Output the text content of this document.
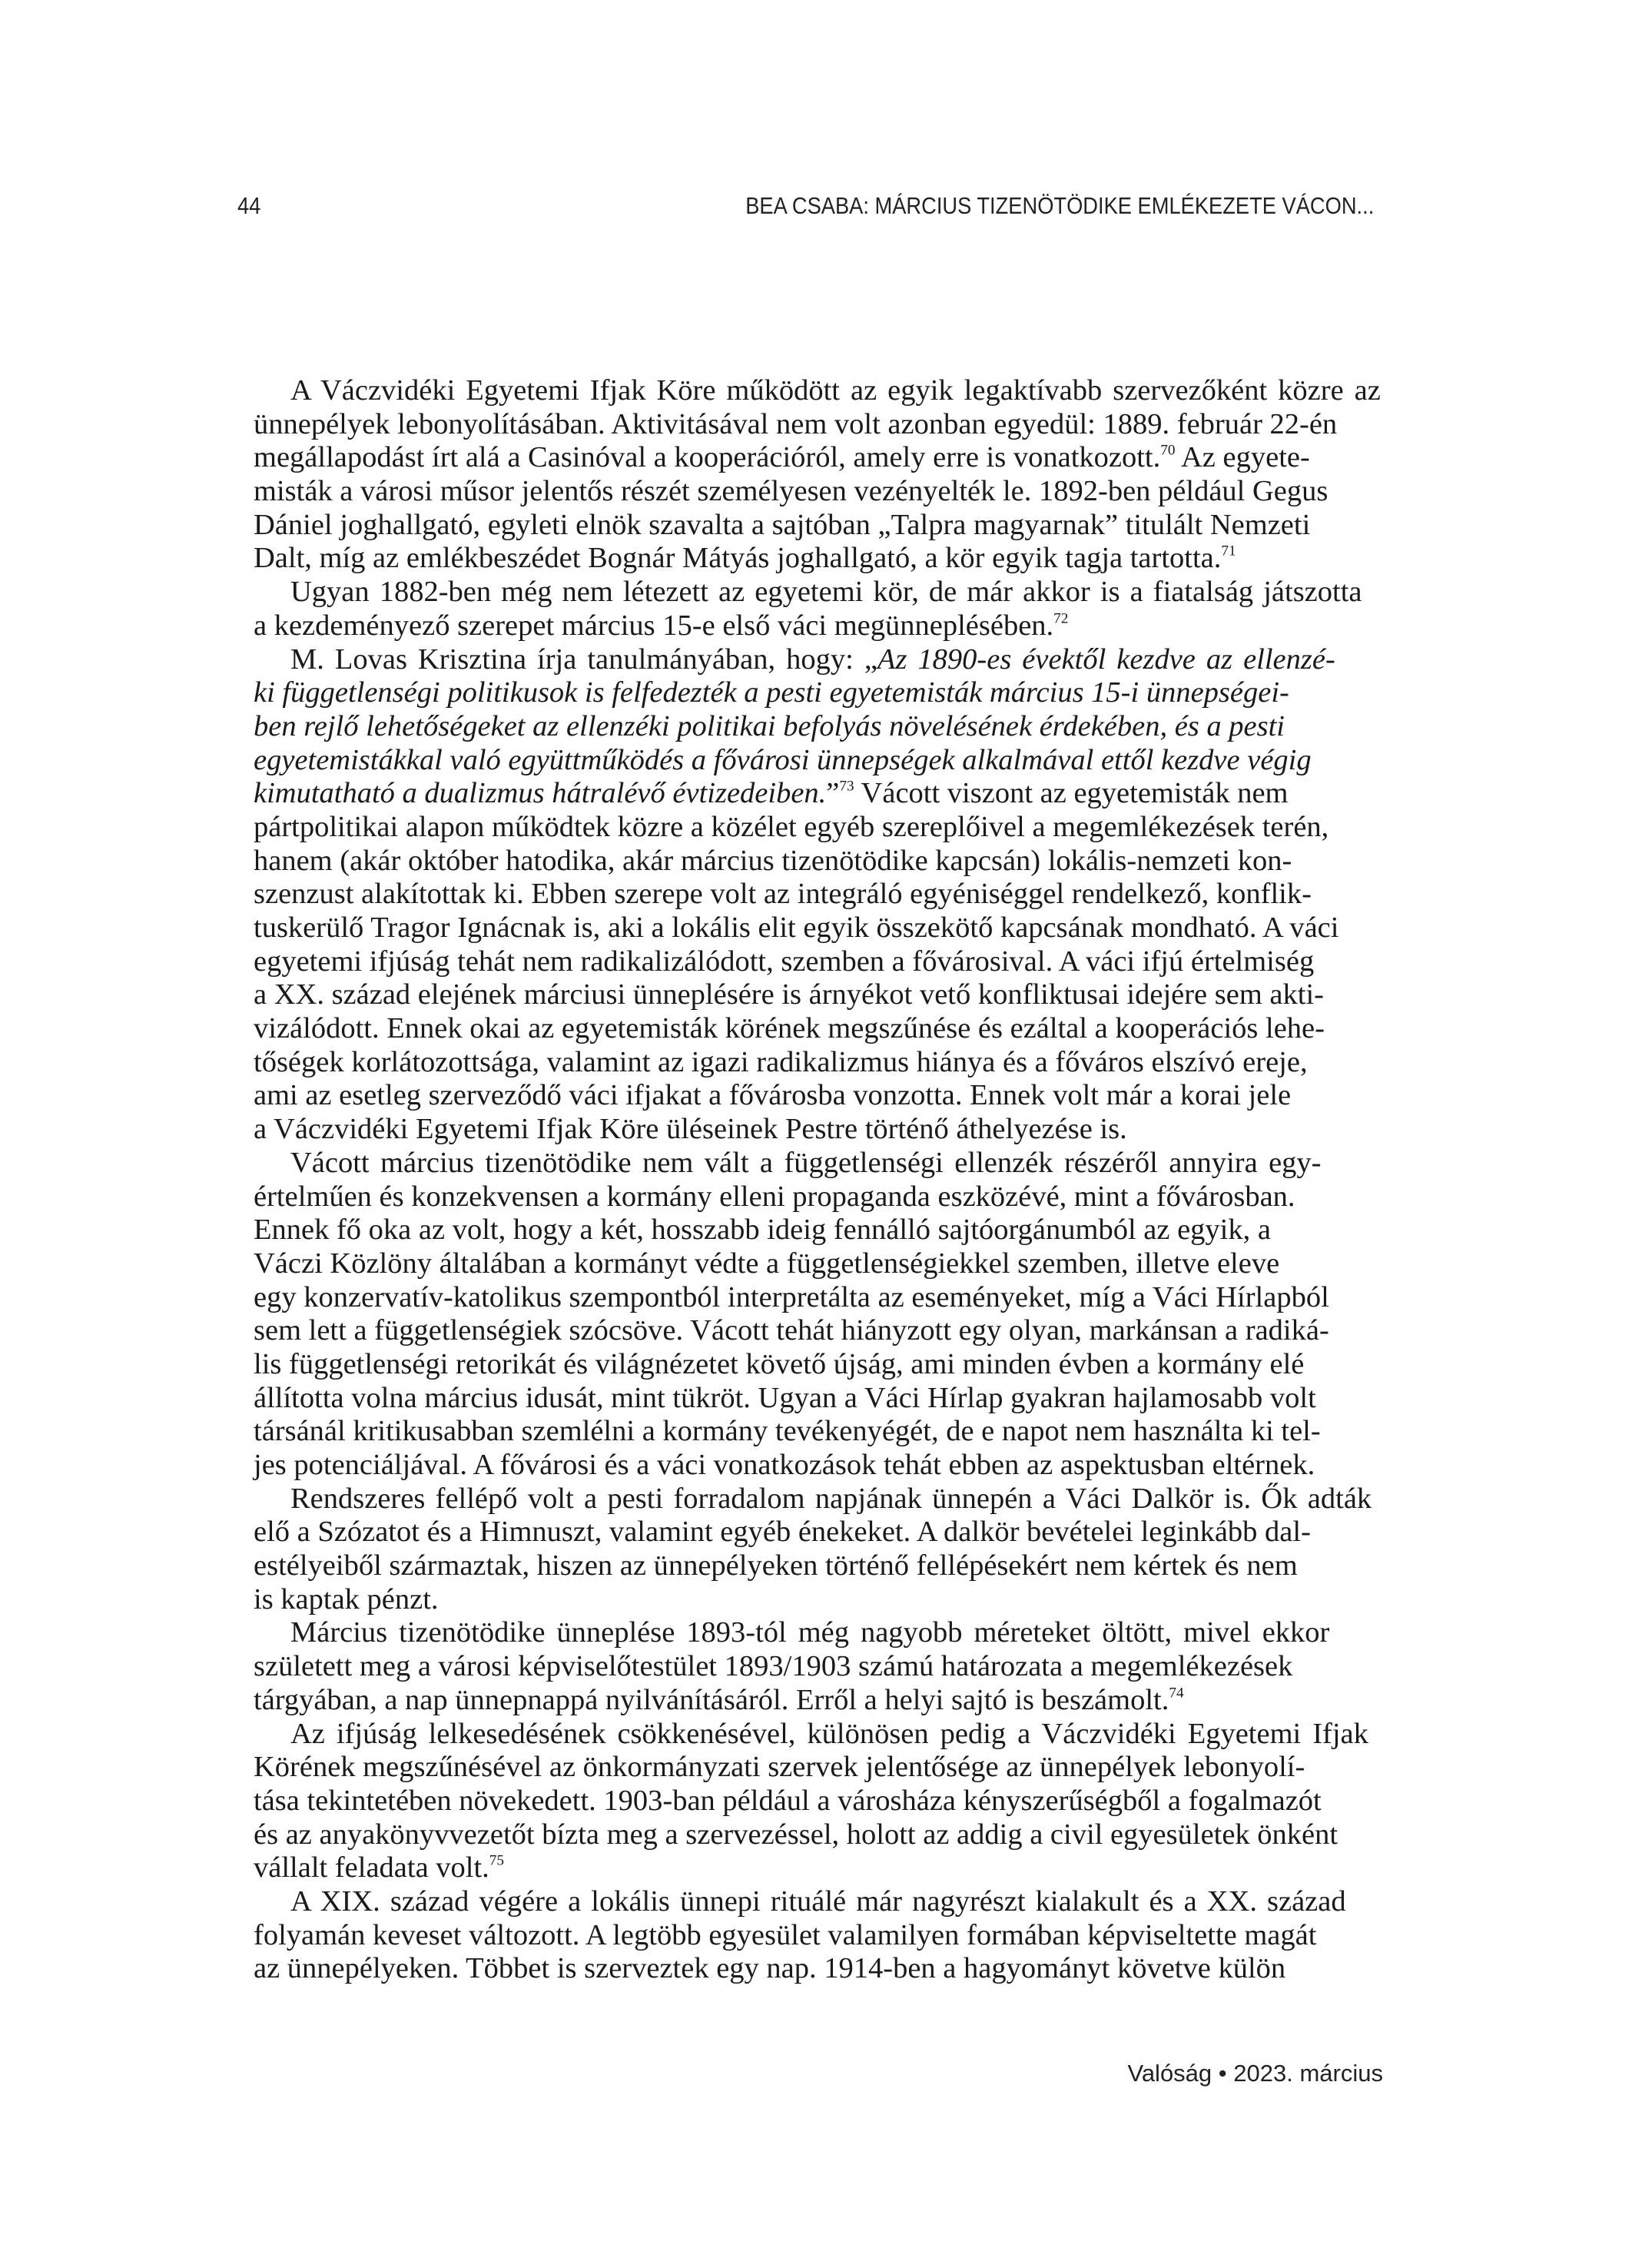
44	BEA CSABA: MÁRCIUS TIZENÖTÖDIKE EMLÉKEZETE VÁCON...
A Váczvidéki Egyetemi Ifjak Köre működött az egyik legaktívabb szervezőként közre az
ünnepélyek lebonyolításában. Aktivitásával nem volt azonban egyedül: 1889. február 22-én
megállapodást írt alá a Casinóval a kooperációról, amely erre is vonatkozott.$^{70}$ Az egyete-
misták a városi műsor jelentős részét személyesen vezényelték le. 1892-ben például Gegus
Dániel joghallgató, egyleti elnök szavalta a sajtóban „Talpra magyarnak” titulált Nemzeti
Dalt, míg az emlékbeszédet Bognár Mátyás joghallgató, a kör egyik tagja tartotta.$^{71}$
Ugyan 1882-ben még nem létezett az egyetemi kör, de már akkor is a fiatalság játszotta
a kezdeményező szerepet március 15-e első váci megünneplésében.$^{72}$
M. Lovas Krisztina írja tanulmányában, hogy: „Az 1890-es évektől kezdve az ellenzé-
ki függetlenségi politikusok is felfedezték a pesti egyetemisták március 15-i ünnepségei-
ben rejlő lehetőségeket az ellenzéki politikai befolyás növelésének érdekében, és a pesti
egyetemistákkal való együttműködés a fővárosi ünnepségek alkalmával ettől kezdve végig
kimutatható a dualizmus hátralévő évtizedeiben.”$^{73}$ Vácott viszont az egyetemisták nem
pártpolitikai alapon működtek közre a közélet egyéb szereplőivel a megemlékezések terén,
hanem (akár október hatodika, akár március tizenötödike kapcsán) lokális-nemzeti kon-
szenzust alakítottak ki. Ebben szerepe volt az integráló egyéniséggel rendelkező, konflik-
tuskerülő Tragor Ignácnak is, aki a lokális elit egyik összekötő kapcsának mondható. A váci
egyetemi ifjúság tehát nem radikalizálódott, szemben a fővárosival. A váci ifjú értelmiség
a XX. század elejének márciusi ünneplésére is árnyékot vető konfliktusai idejére sem akti-
vizálódott. Ennek okai az egyetemisták körének megszűnése és ezáltal a kooperációs lehe-
tőségek korlátozottsága, valamint az igazi radikalizmus hiánya és a főváros elszívó ereje,
ami az esetleg szerveződő váci ifjakat a fővárosba vonzotta. Ennek volt már a korai jele
a Váczvidéki Egyetemi Ifjak Köre üléseinek Pestre történő áthelyezése is.
Vácott március tizenötödike nem vált a függetlenségi ellenzék részéről annyira egy-
értelműen és konzekvensen a kormány elleni propaganda eszközévé, mint a fővárosban.
Ennek fő oka az volt, hogy a két, hosszabb ideig fennálló sajtóorgánumból az egyik, a
Váczi Közlöny általában a kormányt védte a függetlenségiekkel szemben, illetve eleve
egy konzervatív-katolikus szempontból interpretálta az eseményeket, míg a Váci Hírlapból
sem lett a függetlenségiek szócsöve. Vácott tehát hiányzott egy olyan, markánsan a radiká-
lis függetlenségi retorikát és világnézetet követő újság, ami minden évben a kormány elé
állította volna március idusát, mint tükröt. Ugyan a Váci Hírlap gyakran hajlamosabb volt
társánál kritikusabban szemlélni a kormány tevékenyégét, de e napot nem használta ki tel-
jes potenciáljával. A fővárosi és a váci vonatkozások tehát ebben az aspektusban eltérnek.
Rendszeres fellépő volt a pesti forradalom napjának ünnepén a Váci Dalkör is. Ők adták
elő a Szózatot és a Himnuszt, valamint egyéb énekeket. A dalkör bevételei leginkább dal-
estélyeiből származtak, hiszen az ünnepélyeken történő fellépésekért nem kértek és nem
is kaptak pénzt.
Március tizenötödike ünneplése 1893-tól még nagyobb méreteket öltött, mivel ekkor
született meg a városi képviselőtestület 1893/1903 számú határozata a megemlékezések
tárgyában, a nap ünnepnappá nyilvánításáról. Erről a helyi sajtó is beszámolt.$^{74}$
Az ifjúság lelkesedésének csökkenésével, különösen pedig a Váczvidéki Egyetemi Ifjak
Körének megszűnésével az önkormányzati szervek jelentősége az ünnepélyek lebonyolí-
tása tekintetében növekedett. 1903-ban például a városháza kényszerűségből a fogalmazót
és az anyakönyvvezetőt bízta meg a szervezéssel, holott az addig a civil egyesületek önként
vállalt feladata volt.$^{75}$
A XIX. század végére a lokális ünnepi rituálé már nagyrészt kialakult és a XX. század
folyamán keveset változott. A legtöbb egyesület valamilyen formában képviseltette magát
az ünnepélyeken. Többet is szerveztek egy nap. 1914-ben a hagyományt követve külön
Valóság • 2023. március
